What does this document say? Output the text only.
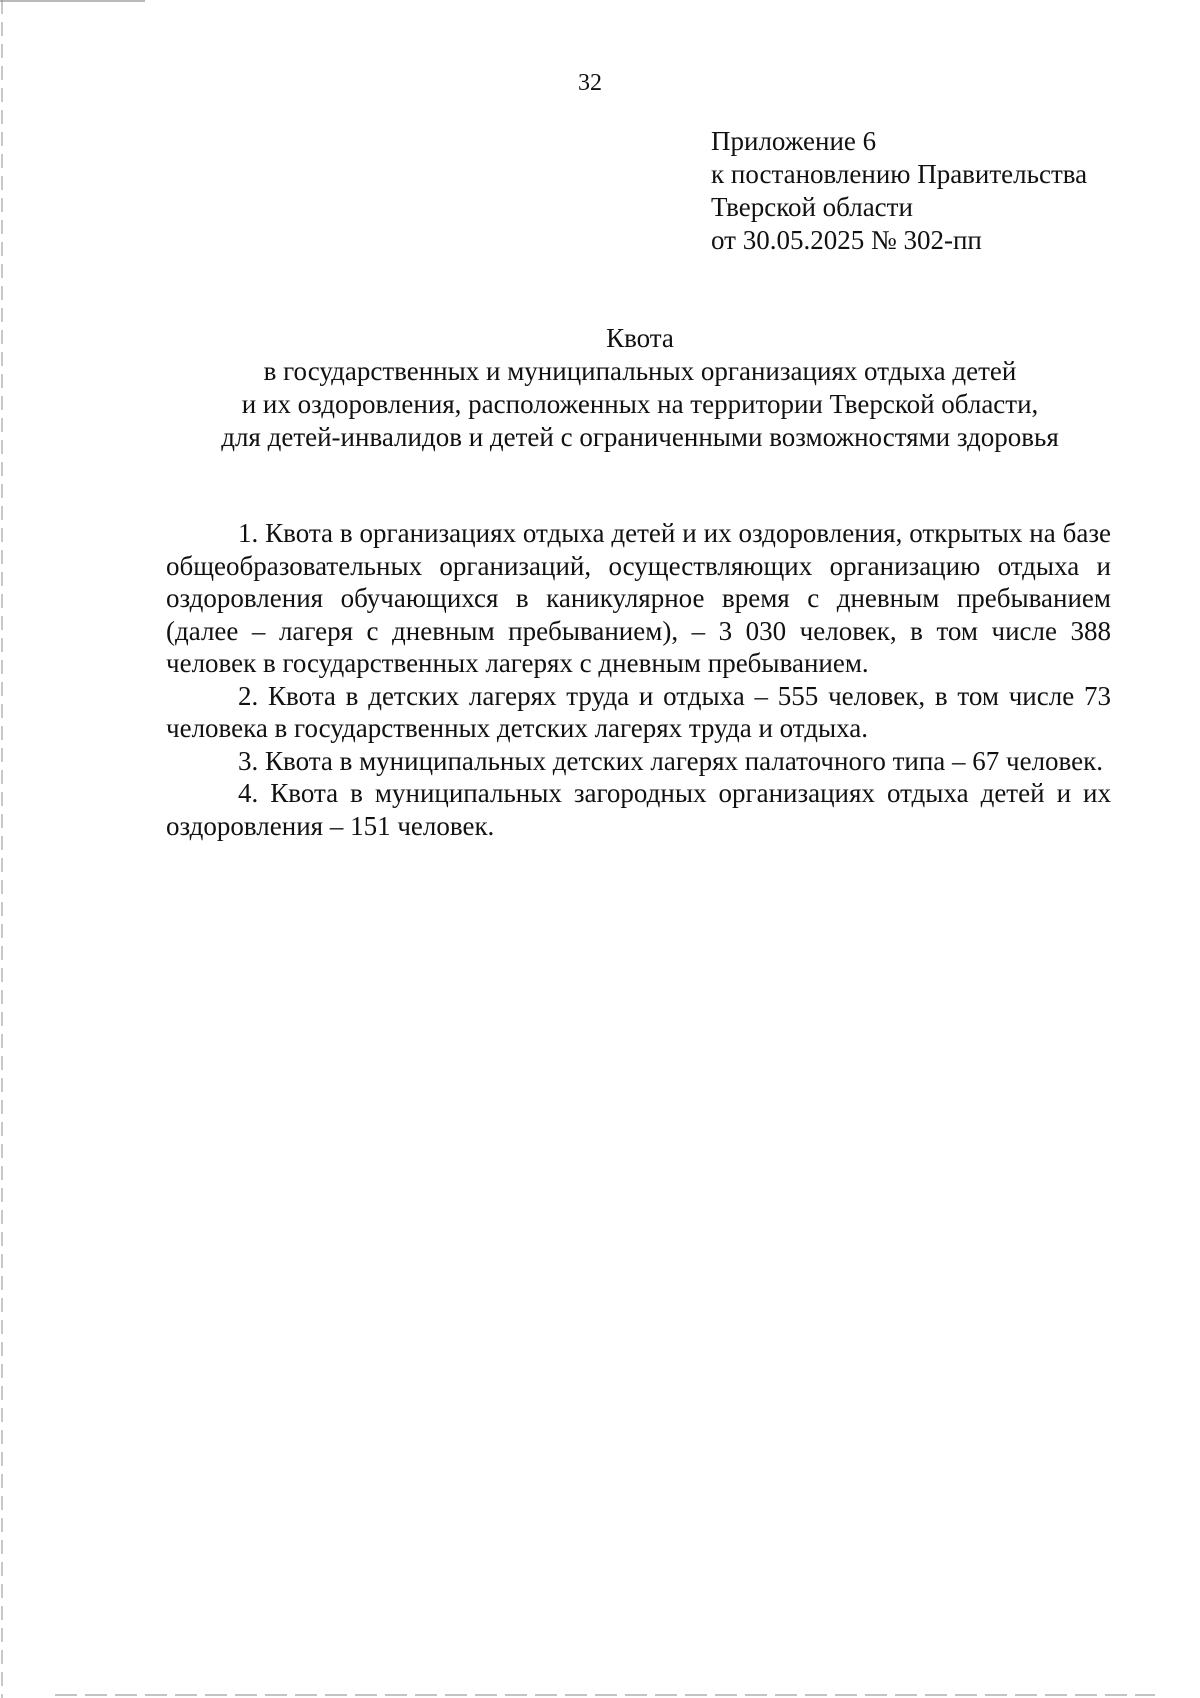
32
Приложение 6
к постановлению Правительства
Тверской области
от 30.05.2025 № 302-пп
Квота
в государственных и муниципальных организациях отдыха детей
и их оздоровления, расположенных на территории Тверской области,
для детей-инвалидов и детей с ограниченными возможностями здоровья

1. Квота в организациях отдыха детей и их оздоровления, открытых на базе общеобразовательных организаций, осуществляющих организацию отдыха и оздоровления обучающихся в каникулярное время с дневным пребыванием (далее – лагеря с дневным пребыванием), – 3 030 человек, в том числе 388 человек в государственных лагерях с дневным пребыванием.

2. Квота в детских лагерях труда и отдыха – 555 человек, в том числе 73 человека в государственных детских лагерях труда и отдыха.

3. Квота в муниципальных детских лагерях палаточного типа – 67 человек.

4. Квота в муниципальных загородных организациях отдыха детей и их оздоровления – 151 человек.
